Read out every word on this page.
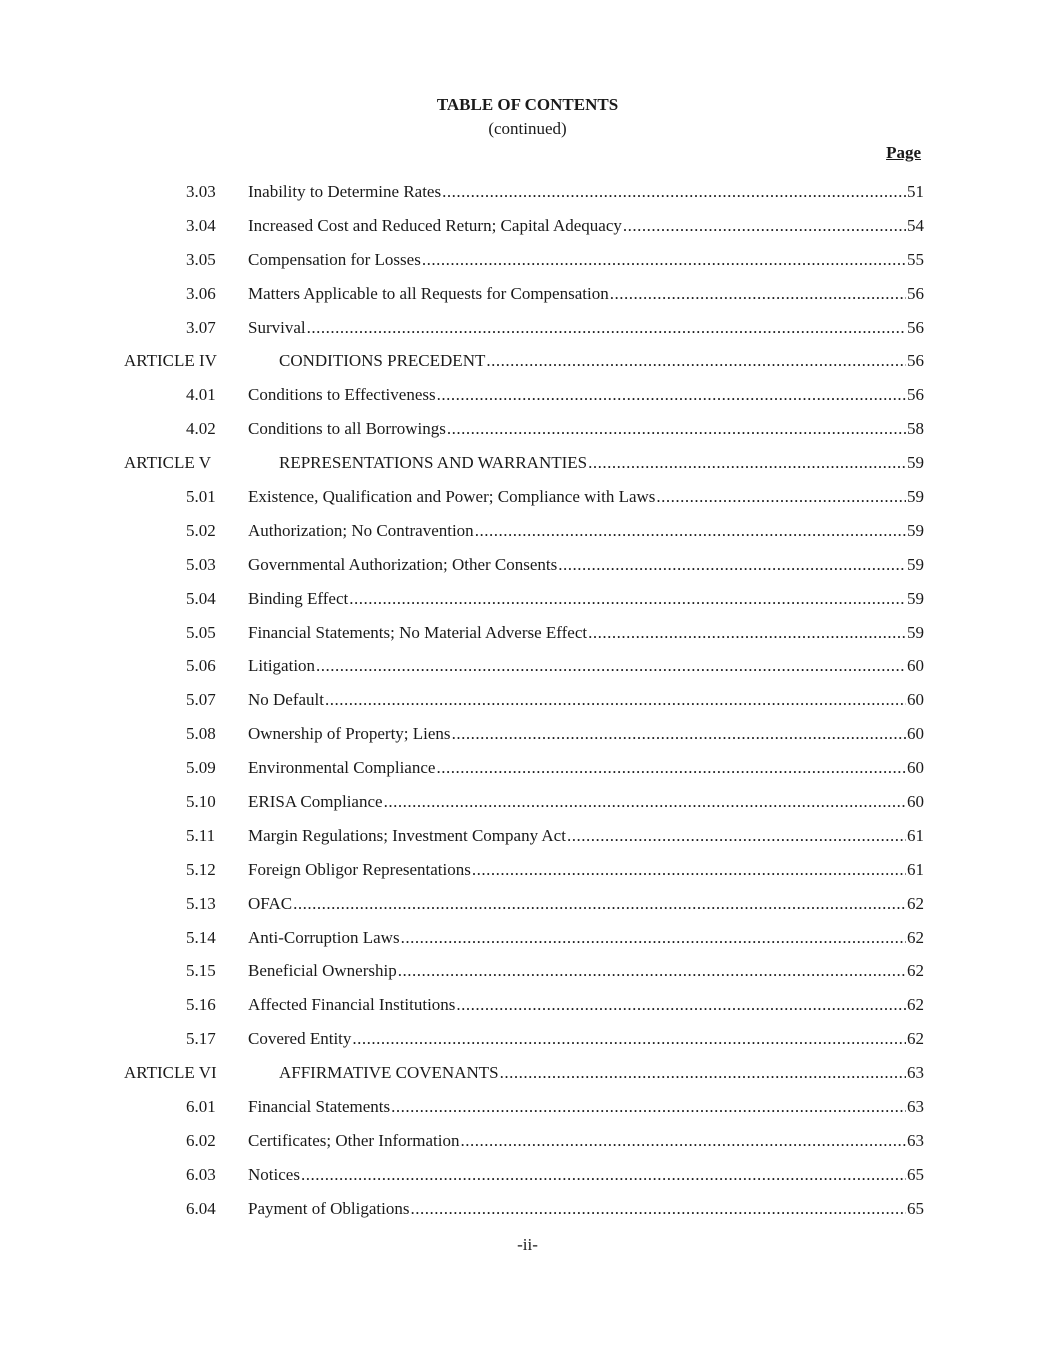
TABLE OF CONTENTS
(continued)
Page
3.03 Inability to Determine Rates .....	51
3.04 Increased Cost and Reduced Return; Capital Adequacy .....	54
3.05 Compensation for Losses .....	55
3.06 Matters Applicable to all Requests for Compensation .....	56
3.07 Survival .....	56
ARTICLE IV	CONDITIONS PRECEDENT .....	56
4.01 Conditions to Effectiveness .....	56
4.02 Conditions to all Borrowings .....	58
ARTICLE V	REPRESENTATIONS AND WARRANTIES .....	59
5.01 Existence, Qualification and Power; Compliance with Laws .....	59
5.02 Authorization; No Contravention .....	59
5.03 Governmental Authorization; Other Consents .....	59
5.04 Binding Effect .....	59
5.05 Financial Statements; No Material Adverse Effect .....	59
5.06 Litigation .....	60
5.07 No Default .....	60
5.08 Ownership of Property; Liens .....	60
5.09 Environmental Compliance .....	60
5.10 ERISA Compliance .....	60
5.11 Margin Regulations; Investment Company Act .....	61
5.12 Foreign Obligor Representations .....	61
5.13 OFAC .....	62
5.14 Anti-Corruption Laws .....	62
5.15 Beneficial Ownership .....	62
5.16 Affected Financial Institutions .....	62
5.17 Covered Entity .....	62
ARTICLE VI	AFFIRMATIVE COVENANTS .....	63
6.01 Financial Statements .....	63
6.02 Certificates; Other Information .....	63
6.03 Notices .....	65
6.04 Payment of Obligations .....	65
-ii-
